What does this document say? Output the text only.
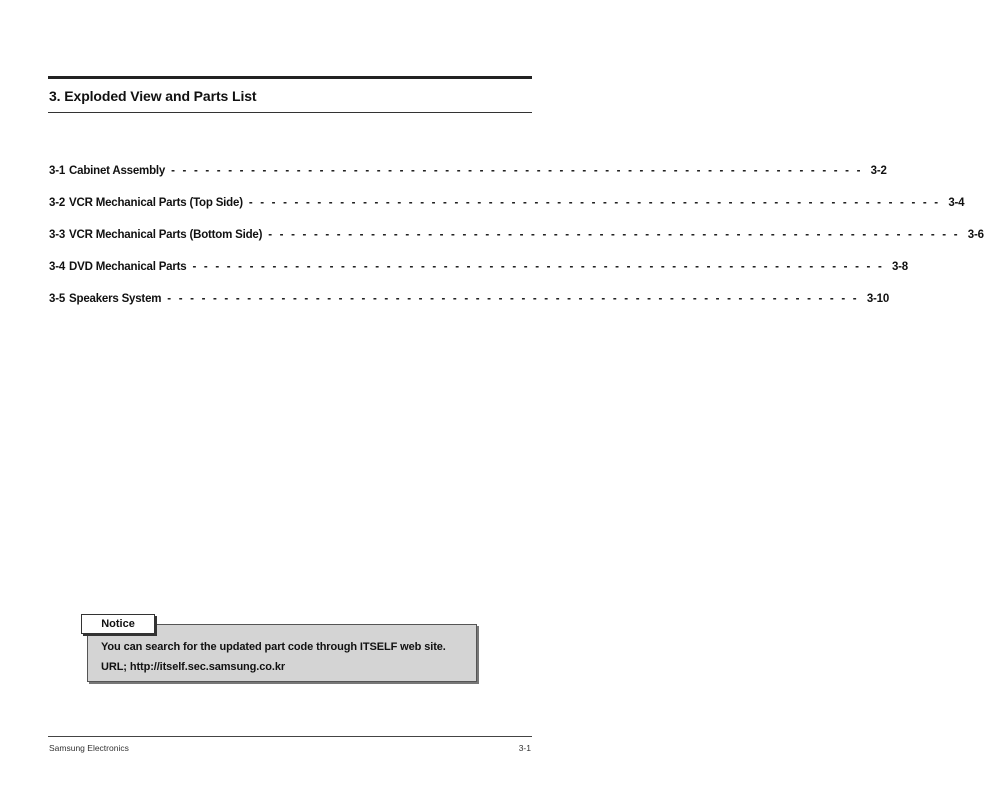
3. Exploded View and Parts List
3-1 Cabinet Assembly - - - - - - - - - - - - - - - - - - - - - - - - - - - - - - - - - - - - - - - - - - - - - - - - - - - - - - - - - - - - - 3-2
3-2 VCR Mechanical Parts (Top Side) - - - - - - - - - - - - - - - - - - - - - - - - - - - - - - - - - - - - - - - - - - - - - - - - - - - - - - - - - - - - - 3-4
3-3 VCR Mechanical Parts (Bottom Side) - - - - - - - - - - - - - - - - - - - - - - - - - - - - - - - - - - - - - - - - - - - - - - - - - - - - - - - - - - - - - 3-6
3-4 DVD Mechanical Parts - - - - - - - - - - - - - - - - - - - - - - - - - - - - - - - - - - - - - - - - - - - - - - - - - - - - - - - - - - - - - 3-8
3-5 Speakers System - - - - - - - - - - - - - - - - - - - - - - - - - - - - - - - - - - - - - - - - - - - - - - - - - - - - - - - - - - - - - 3-10
Notice
You can search for the updated part code through ITSELF web site.
URL; http://itself.sec.samsung.co.kr
Samsung Electronics	3-1
